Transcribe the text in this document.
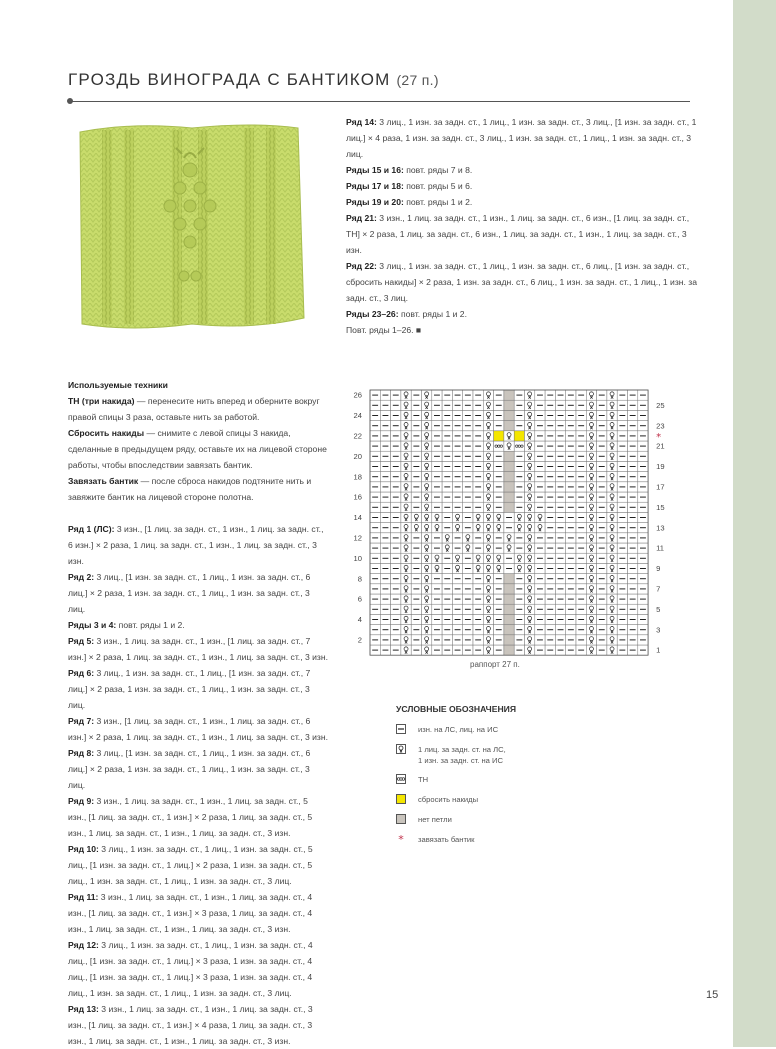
ГРОЗДЬ ВИНОГРАДА С БАНТИКОМ (27 п.)

Ряд 14: 3 лиц., 1 изн. за задн. ст., 1 лиц., 1 изн. за задн. ст., 3 лиц., [1 изн. за задн. ст., 1 лиц.] × 4 раза, 1 изн. за задн. ст., 3 лиц., 1 изн. за задн. ст., 1 лиц., 1 изн. за задн. ст., 3 лиц.

Ряды 15 и 16: повт. ряды 7 и 8.

Ряды 17 и 18: повт. ряды 5 и 6.

Ряды 19 и 20: повт. ряды 1 и 2.

Ряд 21: 3 изн., 1 лиц. за задн. ст., 1 изн., 1 лиц. за задн. ст., 6 изн., [1 лиц. за задн. ст., ТН] × 2 раза, 1 лиц. за задн. ст., 6 изн., 1 лиц. за задн. ст., 1 изн., 1 лиц. за задн. ст., 3 изн.

Ряд 22: 3 лиц., 1 изн. за задн. ст., 1 лиц., 1 изн. за задн. ст., 6 лиц., [1 изн. за задн. ст., сбросить накиды] × 2 раза, 1 изн. за задн. ст., 6 лиц., 1 изн. за задн. ст., 1 лиц., 1 изн. за задн. ст., 3 лиц.

Ряды 23–26: повт. ряды 1 и 2.

Повт. ряды 1–26. ■

Используемые техники

ТН (три накида) — перенесите нить вперед и оберните вокруг правой спицы 3 раза, оставьте нить за работой.

Сбросить накиды — снимите с левой спицы 3 накида, сделанные в предыдущем ряду, оставьте их на лицевой стороне работы, чтобы впоследствии завязать бантик.

Завязать бантик — после сброса накидов подтяните нить и завяжите бантик на лицевой стороне полотна.

Ряд 1 (ЛС): 3 изн., [1 лиц. за задн. ст., 1 изн., 1 лиц. за задн. ст., 6 изн.] × 2 раза, 1 лиц. за задн. ст., 1 изн., 1 лиц. за задн. ст., 3 изн.

Ряд 2: 3 лиц., [1 изн. за задн. ст., 1 лиц., 1 изн. за задн. ст., 6 лиц.] × 2 раза, 1 изн. за задн. ст., 1 лиц., 1 изн. за задн. ст., 3 лиц.

Ряды 3 и 4: повт. ряды 1 и 2.

Ряд 5: 3 изн., 1 лиц. за задн. ст., 1 изн., [1 лиц. за задн. ст., 7 изн.] × 2 раза, 1 лиц. за задн. ст., 1 изн., 1 лиц. за задн. ст., 3 изн.

Ряд 6: 3 лиц., 1 изн. за задн. ст., 1 лиц., [1 изн. за задн. ст., 7 лиц.] × 2 раза, 1 изн. за задн. ст., 1 лиц., 1 изн. за задн. ст., 3 лиц.

Ряд 7: 3 изн., [1 лиц. за задн. ст., 1 изн., 1 лиц. за задн. ст., 6 изн.] × 2 раза, 1 лиц. за задн. ст., 1 изн., 1 лиц. за задн. ст., 3 изн.

Ряд 8: 3 лиц., [1 изн. за задн. ст., 1 лиц., 1 изн. за задн. ст., 6 лиц.] × 2 раза, 1 изн. за задн. ст., 1 лиц., 1 изн. за задн. ст., 3 лиц.

Ряд 9: 3 изн., 1 лиц. за задн. ст., 1 изн., 1 лиц. за задн. ст., 5 изн., [1 лиц. за задн. ст., 1 изн.] × 2 раза, 1 лиц. за задн. ст., 5 изн., 1 лиц. за задн. ст., 1 изн., 1 лиц. за задн. ст., 3 изн.

Ряд 10: 3 лиц., 1 изн. за задн. ст., 1 лиц., 1 изн. за задн. ст., 5 лиц., [1 изн. за задн. ст., 1 лиц.] × 2 раза, 1 изн. за задн. ст., 5 лиц., 1 изн. за задн. ст., 1 лиц., 1 изн. за задн. ст., 3 лиц.

Ряд 11: 3 изн., 1 лиц. за задн. ст., 1 изн., 1 лиц. за задн. ст., 4 изн., [1 лиц. за задн. ст., 1 изн.] × 3 раза, 1 лиц. за задн. ст., 4 изн., 1 лиц. за задн. ст., 1 изн., 1 лиц. за задн. ст., 3 изн.

Ряд 12: 3 лиц., 1 изн. за задн. ст., 1 лиц., 1 изн. за задн. ст., 4 лиц., [1 изн. за задн. ст., 1 лиц.] × 3 раза, 1 изн. за задн. ст., 4 лиц., [1 изн. за задн. ст., 1 лиц.] × 3 раза, 1 изн. за задн. ст., 4 лиц., 1 изн. за задн. ст., 1 лиц., 1 изн. за задн. ст., 3 лиц.

Ряд 13: 3 изн., 1 лиц. за задн. ст., 1 изн., 1 лиц. за задн. ст., 3 изн., [1 лиц. за задн. ст., 1 изн.] × 4 раза, 1 лиц. за задн. ст., 3 изн., 1 лиц. за задн. ст., 1 изн., 1 лиц. за задн. ст., 3 изн.

26
24
22
20
18
16
14
12
10
8
6
4
2
25
23
21
19
17
15
13
11
9
7
5
3
1
*
раппорт 27 п.
УСЛОВНЫЕ ОБОЗНАЧЕНИЯ
изн. на ЛС, лиц. на ИС
1 лиц. за задн. ст. на ЛС,
1 изн. за задн. ст. на ИС
ТН
сбросить накиды
нет петли
* завязать бантик
15
